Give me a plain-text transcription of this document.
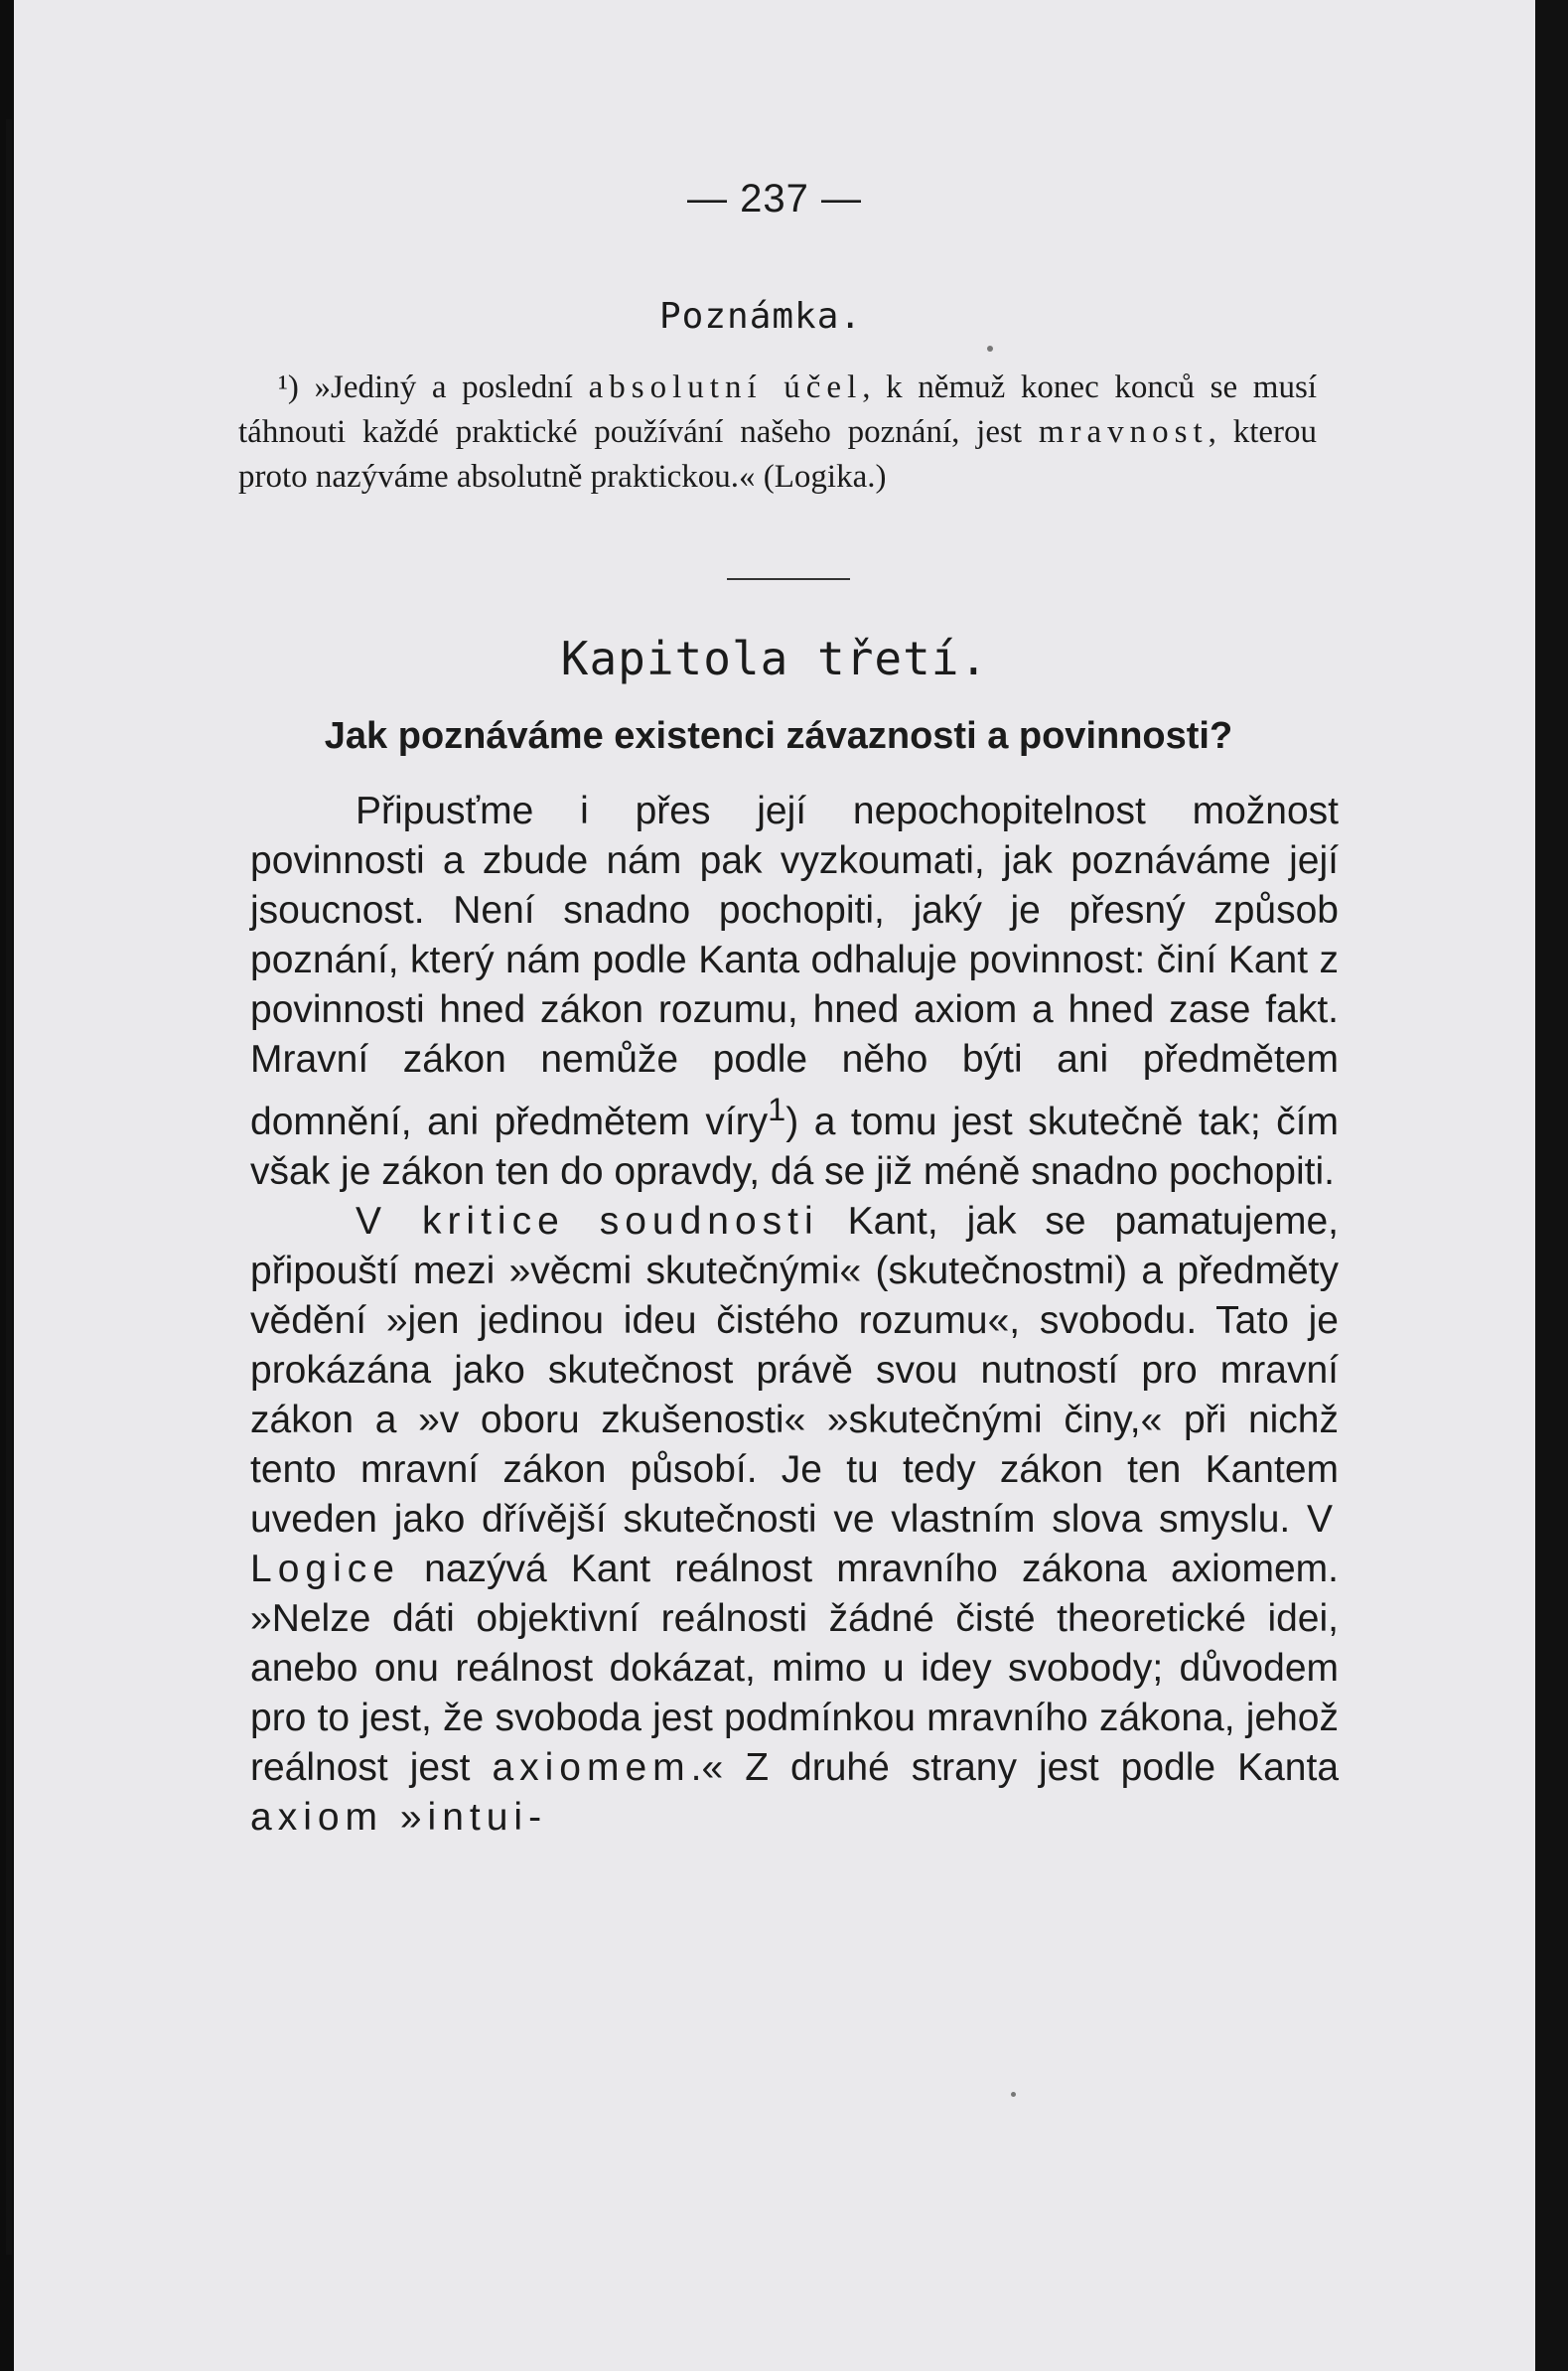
— 237 —
Poznámka.

¹) »Jediný a poslední absolutní účel, k němuž konec konců se musí táhnouti každé praktické používání našeho poznání, jest mravnost, kterou proto nazýváme absolutně praktickou.« (Logika.)

Kapitola třetí.
Jak poznáváme existenci závaznosti a povinnosti?

Připusťme i přes její nepochopitelnost možnost povinnosti a zbude nám pak vyzkoumati, jak poznáváme její jsoucnost. Není snadno pochopiti, jaký je přesný způsob poznání, který nám podle Kanta odhaluje povinnost: činí Kant z povinnosti hned zákon rozumu, hned axiom a hned zase fakt. Mravní zákon nemůže podle něho býti ani předmětem domnění, ani předmětem víry$^1$) a tomu jest skutečně tak; čím však je zákon ten do opravdy, dá se již méně snadno pochopiti.

V kritice soudnosti Kant, jak se pamatujeme, připouští mezi »věcmi skutečnými« (skutečnostmi) a předměty vědění »jen jedinou ideu čistého rozumu«, svobodu. Tato je prokázána jako skutečnost právě svou nutností pro mravní zákon a »v oboru zkušenosti« »skutečnými činy,« při nichž tento mravní zákon působí. Je tu tedy zákon ten Kantem uveden jako dřívější skutečnosti ve vlastním slova smyslu. V Logice nazývá Kant reálnost mravního zákona axiomem. »Nelze dáti objektivní reálnosti žádné čisté theoretické idei, anebo onu reálnost dokázat, mimo u idey svobody; důvodem pro to jest, že svoboda jest podmínkou mravního zákona, jehož reálnost jest axiomem.« Z druhé strany jest podle Kanta axiom »intui-
